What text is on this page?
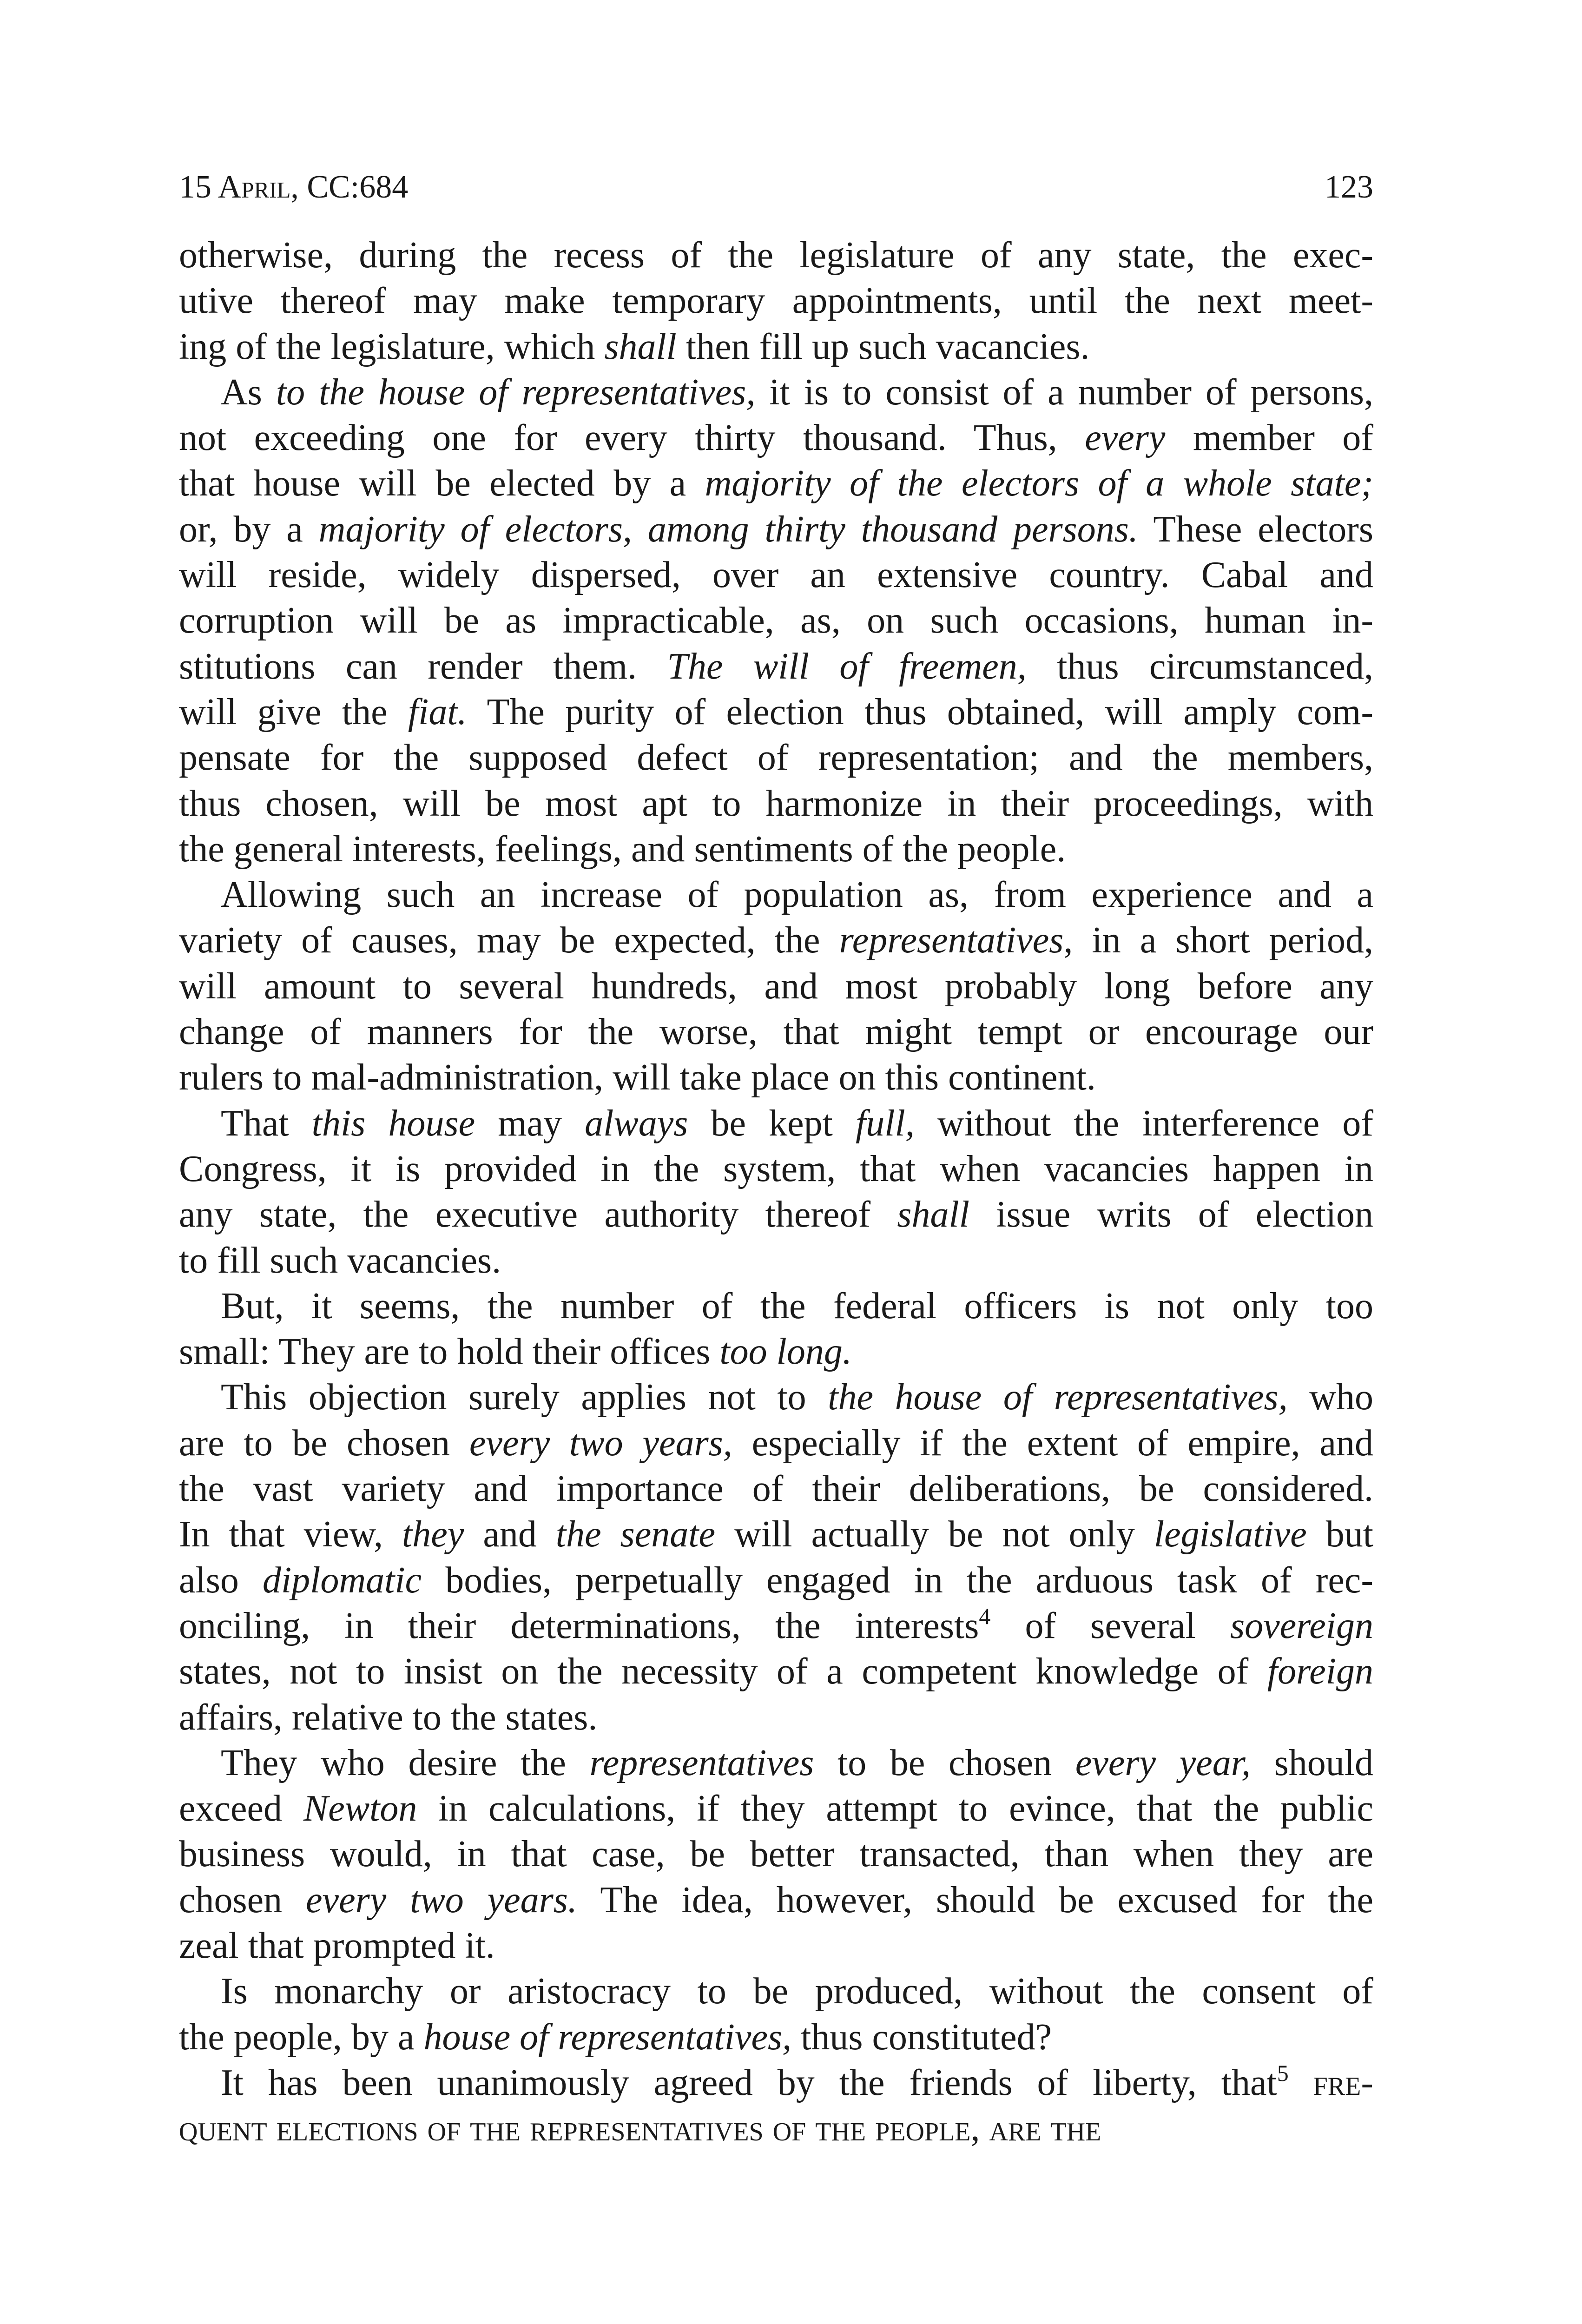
15 April, CC:684	123
otherwise, during the recess of the legislature of any state, the exec-
utive thereof may make temporary appointments, until the next meet-
ing of the legislature, which shall then fill up such vacancies.
As to the house of representatives, it is to consist of a number of persons,
not exceeding one for every thirty thousand. Thus, every member of
that house will be elected by a majority of the electors of a whole state;
or, by a majority of electors, among thirty thousand persons. These electors
will reside, widely dispersed, over an extensive country. Cabal and
corruption will be as impracticable, as, on such occasions, human in-
stitutions can render them. The will of freemen, thus circumstanced,
will give the fiat. The purity of election thus obtained, will amply com-
pensate for the supposed defect of representation; and the members,
thus chosen, will be most apt to harmonize in their proceedings, with
the general interests, feelings, and sentiments of the people.
Allowing such an increase of population as, from experience and a
variety of causes, may be expected, the representatives, in a short period,
will amount to several hundreds, and most probably long before any
change of manners for the worse, that might tempt or encourage our
rulers to mal-administration, will take place on this continent.
That this house may always be kept full, without the interference of
Congress, it is provided in the system, that when vacancies happen in
any state, the executive authority thereof shall issue writs of election
to fill such vacancies.
But, it seems, the number of the federal officers is not only too
small: They are to hold their offices too long.
This objection surely applies not to the house of representatives, who
are to be chosen every two years, especially if the extent of empire, and
the vast variety and importance of their deliberations, be considered.
In that view, they and the senate will actually be not only legislative but
also diplomatic bodies, perpetually engaged in the arduous task of rec-
onciling, in their determinations, the interests$^4$ of several sovereign
states, not to insist on the necessity of a competent knowledge of foreign
affairs, relative to the states.
They who desire the representatives to be chosen every year, should
exceed Newton in calculations, if they attempt to evince, that the public
business would, in that case, be better transacted, than when they are
chosen every two years. The idea, however, should be excused for the
zeal that prompted it.
Is monarchy or aristocracy to be produced, without the consent of
the people, by a house of representatives, thus constituted?
It has been unanimously agreed by the friends of liberty, that$^5$ fre-
quent elections of the representatives of the people, are the
